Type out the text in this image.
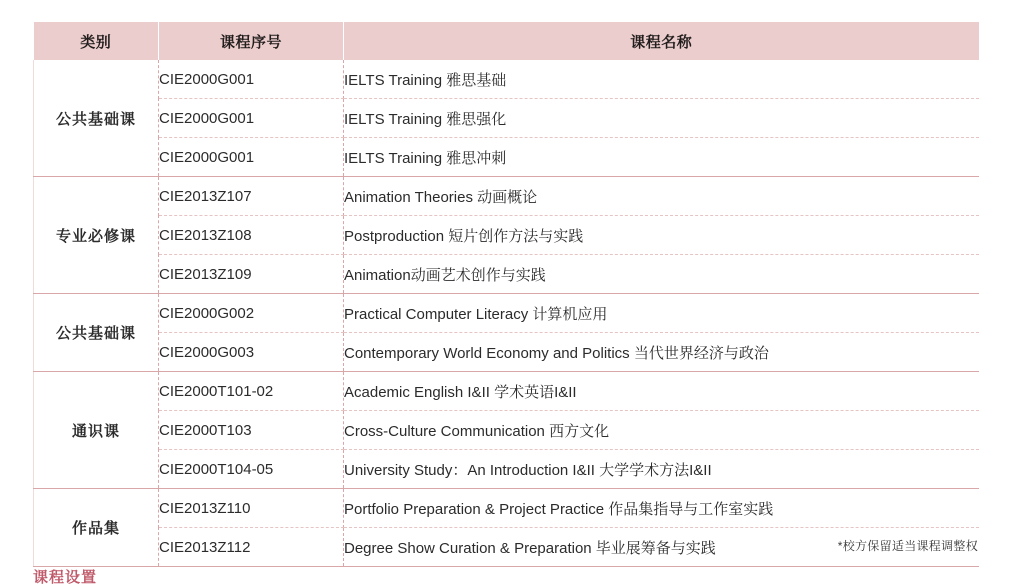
类别	课程序号	课程名称
公共基础课	CIE2000G001	IELTS Training 雅思基础
	CIE2000G001	IELTS Training 雅思强化
	CIE2000G001	IELTS Training 雅思冲刺
专业必修课	CIE2013Z107	Animation Theories 动画概论
	CIE2013Z108	Postproduction 短片创作方法与实践
	CIE2013Z109	Animation动画艺术创作与实践
公共基础课	CIE2000G002	Practical Computer Literacy 计算机应用
	CIE2000G003	Contemporary World Economy and Politics 当代世界经济与政治
通识课	CIE2000T101-02	Academic English I&II 学术英语I&II
	CIE2000T103	Cross-Culture Communication 西方文化
	CIE2000T104-05	University Study：An Introduction I&II 大学学术方法I&II
作品集	CIE2013Z110	Portfolio Preparation & Project Practice 作品集指导与工作室实践
	CIE2013Z112	Degree Show Curation & Preparation 毕业展筹备与实践	*校方保留适当课程调整权
课程设置
